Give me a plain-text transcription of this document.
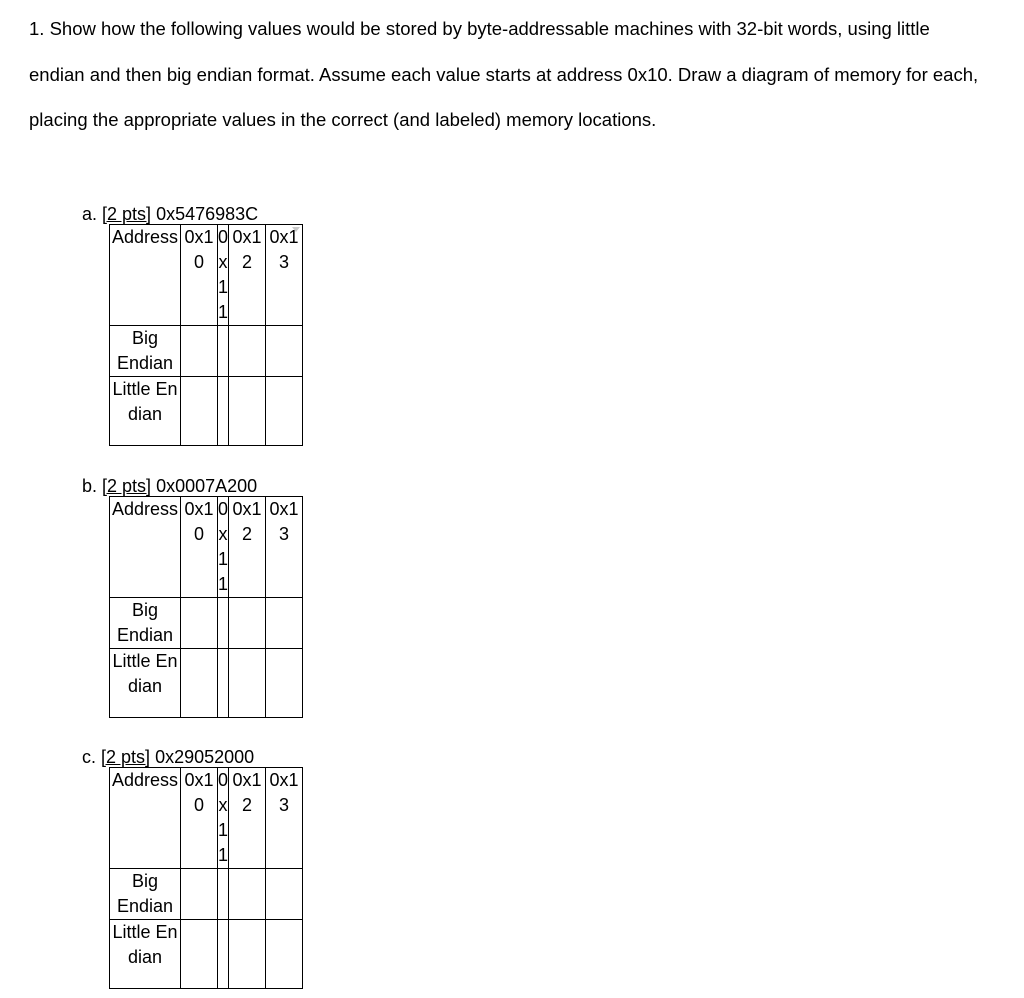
1. Show how the following values would be stored by byte-addressable machines with 32-bit words, using little endian and then big endian format. Assume each value starts at address 0x10. Draw a diagram of memory for each, placing the appropriate values in the correct (and labeled) memory locations.
a. [2 pts] 0x5476983C
Address	0x10	0x11	0x12	0x13

Big Endian				

Little Endian				

b. [2 pts] 0x0007A200
Address	0x10	0x11	0x12	0x13

Big Endian				

Little Endian				

c. [2 pts] 0x29052000
Address	0x10	0x11	0x12	0x13

Big Endian				

Little Endian				
